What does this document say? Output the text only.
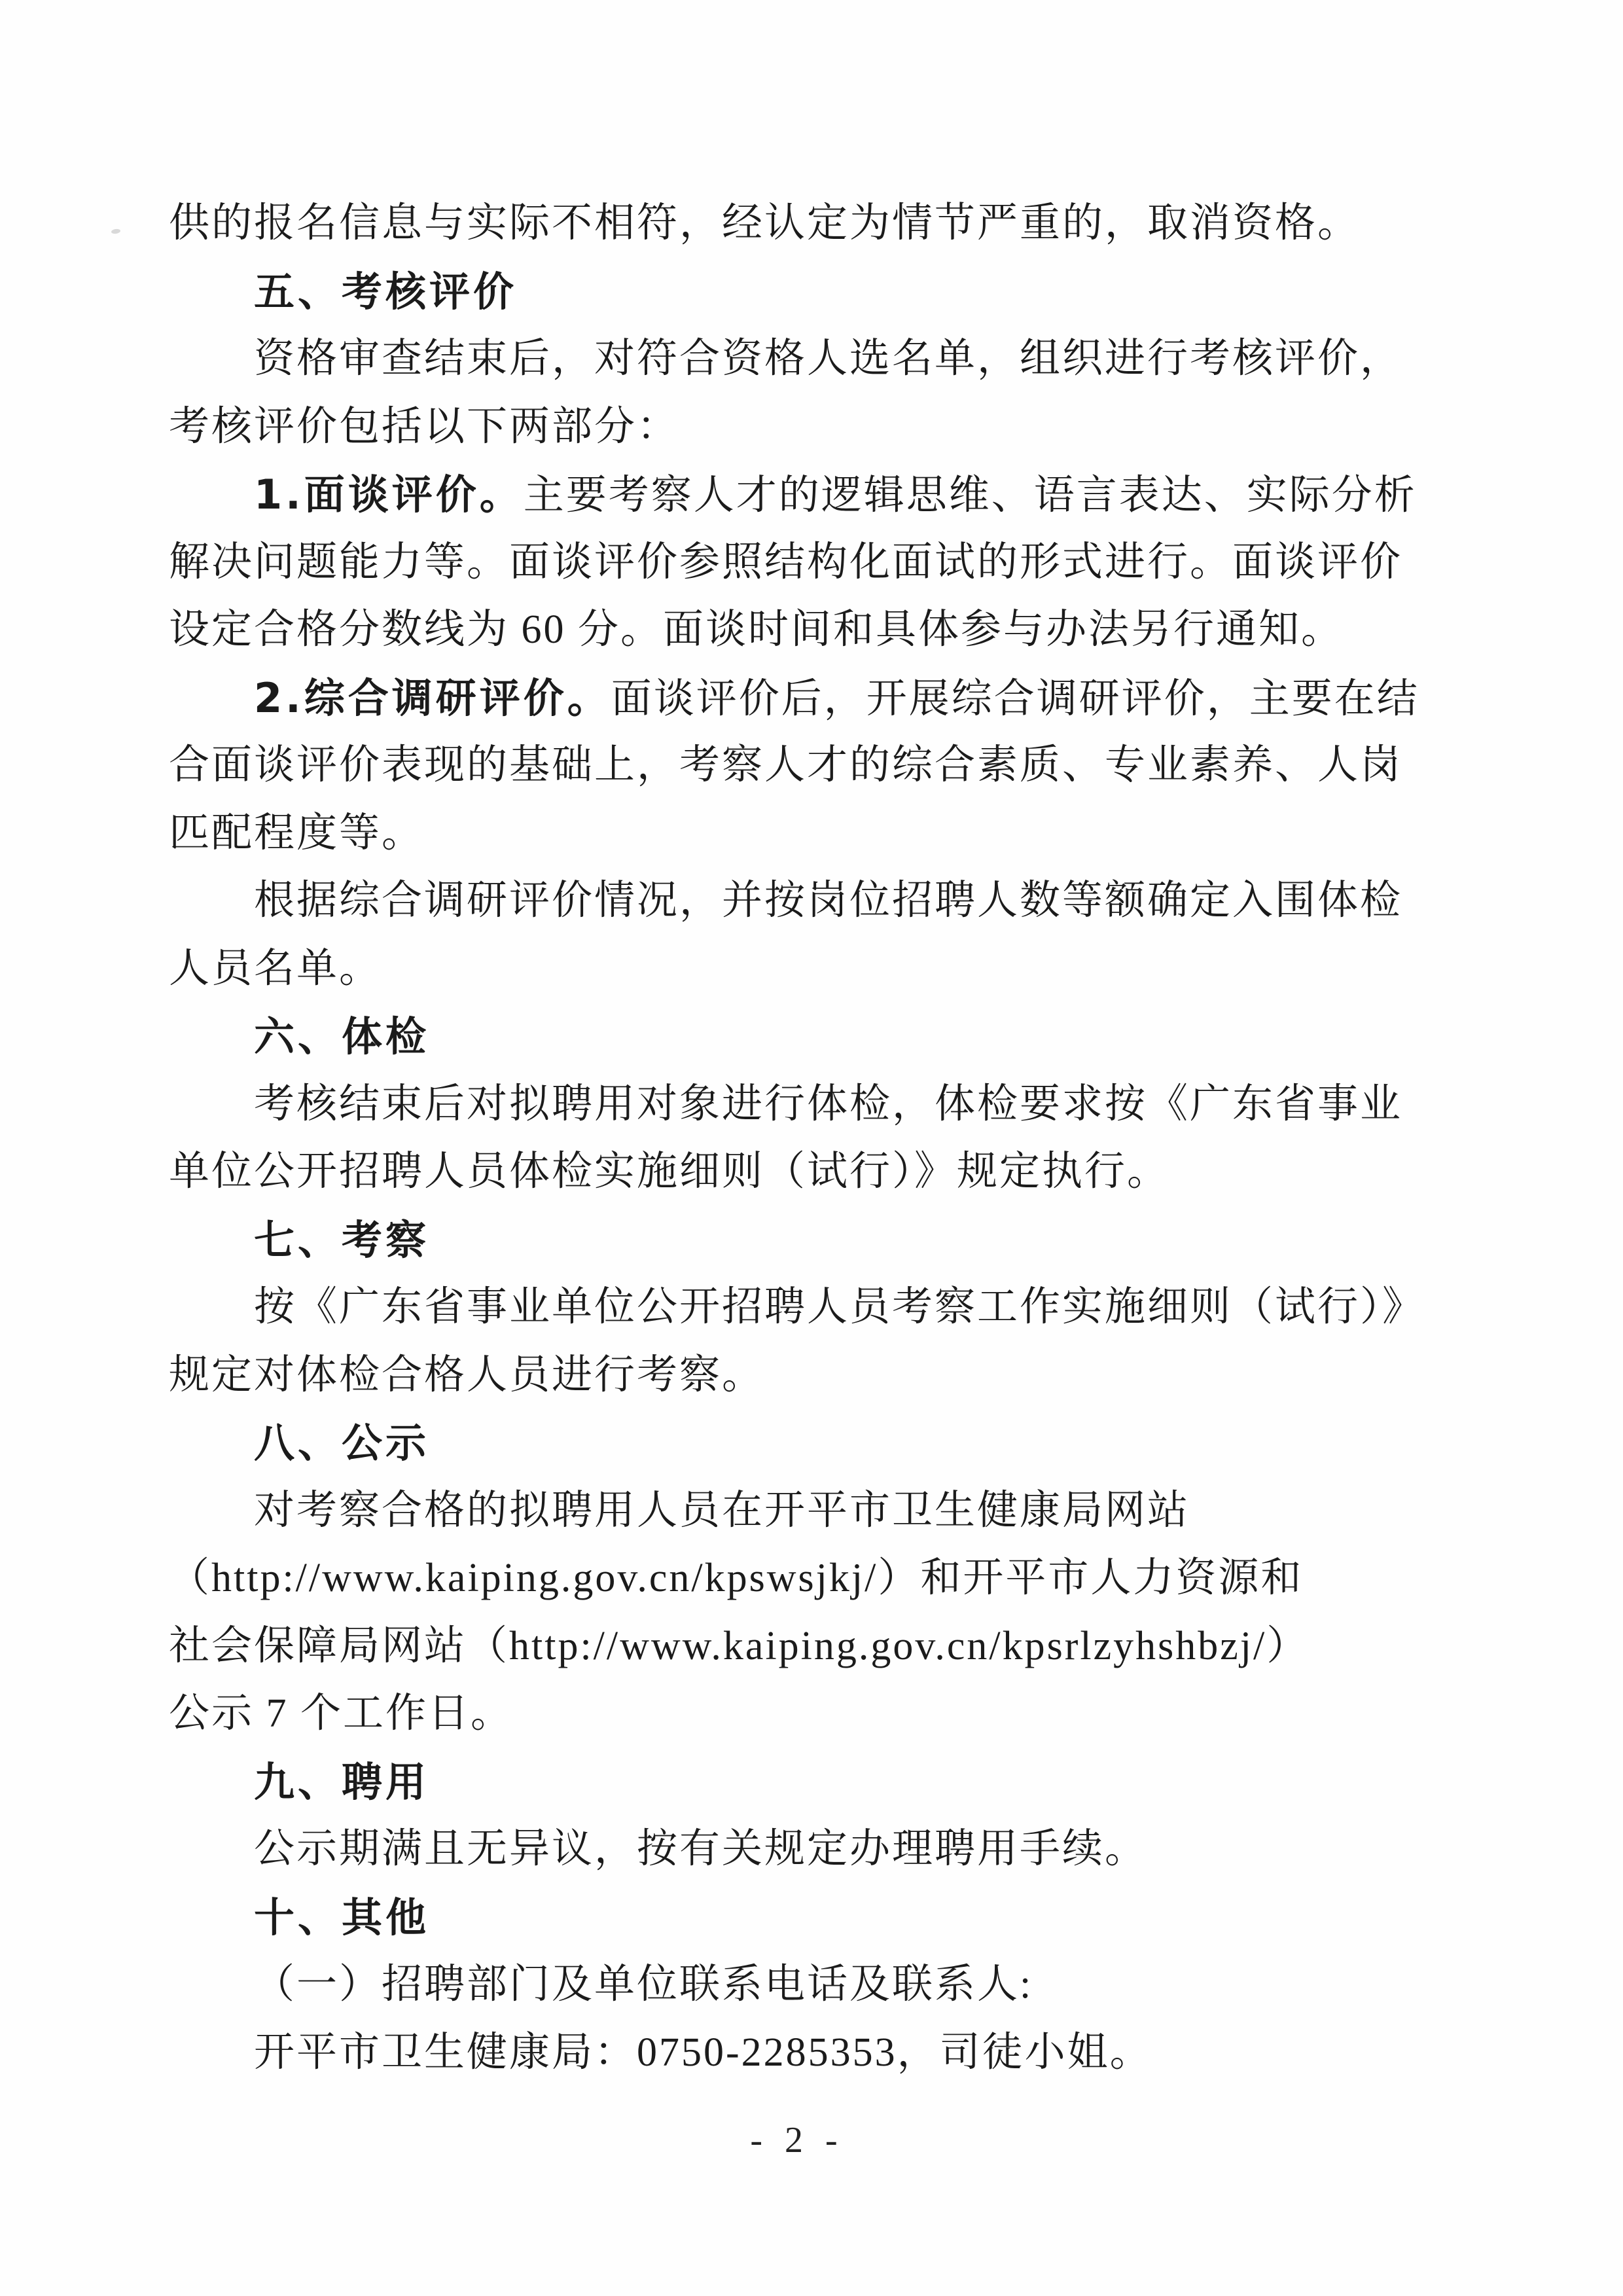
供的报名信息与实际不相符，经认定为情节严重的，取消资格。
五、考核评价
资格审查结束后，对符合资格人选名单，组织进行考核评价，
考核评价包括以下两部分：
1.面谈评价。主要考察人才的逻辑思维、语言表达、实际分析
解决问题能力等。面谈评价参照结构化面试的形式进行。面谈评价
设定合格分数线为 60 分。面谈时间和具体参与办法另行通知。
2.综合调研评价。面谈评价后，开展综合调研评价，主要在结
合面谈评价表现的基础上，考察人才的综合素质、专业素养、人岗
匹配程度等。
根据综合调研评价情况，并按岗位招聘人数等额确定入围体检
人员名单。
六、体检
考核结束后对拟聘用对象进行体检，体检要求按《广东省事业
单位公开招聘人员体检实施细则（试行）》规定执行。
七、考察
按《广东省事业单位公开招聘人员考察工作实施细则（试行）》
规定对体检合格人员进行考察。
八、公示
对考察合格的拟聘用人员在开平市卫生健康局网站
（http://www.kaiping.gov.cn/kpswsjkj/）和开平市人力资源和
社会保障局网站（http://www.kaiping.gov.cn/kpsrlzyhshbzj/）
公示 7 个工作日。
九、聘用
公示期满且无异议，按有关规定办理聘用手续。
十、其他
（一）招聘部门及单位联系电话及联系人:
开平市卫生健康局：0750-2285353，司徒小姐。
- 2 -
